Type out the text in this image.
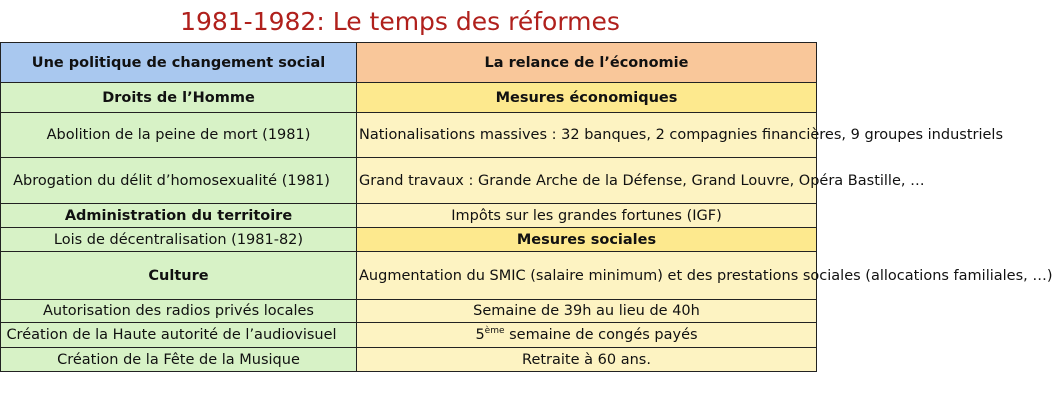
1981-1982: Le temps des réformes
Une politique de changement social	La relance de l’économie
Droits de l’Homme	Mesures économiques
Abolition de la peine de mort (1981)	Nationalisations massives : 32 banques, 2 compagnies financières, 9 groupes industriels
Abrogation du délit d’homosexualité (1981)	Grand travaux : Grande Arche de la Défense, Grand Louvre, Opéra Bastille, …
Administration du territoire	Impôts sur les grandes fortunes (IGF)
Lois de décentralisation (1981-82)	Mesures sociales
Culture	Augmentation du SMIC (salaire minimum) et des prestations sociales (allocations familiales, …)
Autorisation des radios privés locales	Semaine de 39h au lieu de 40h
Création de la Haute autorité de l’audiovisuel	5ème semaine de congés payés
Création de la Fête de la Musique	Retraite à 60 ans.
